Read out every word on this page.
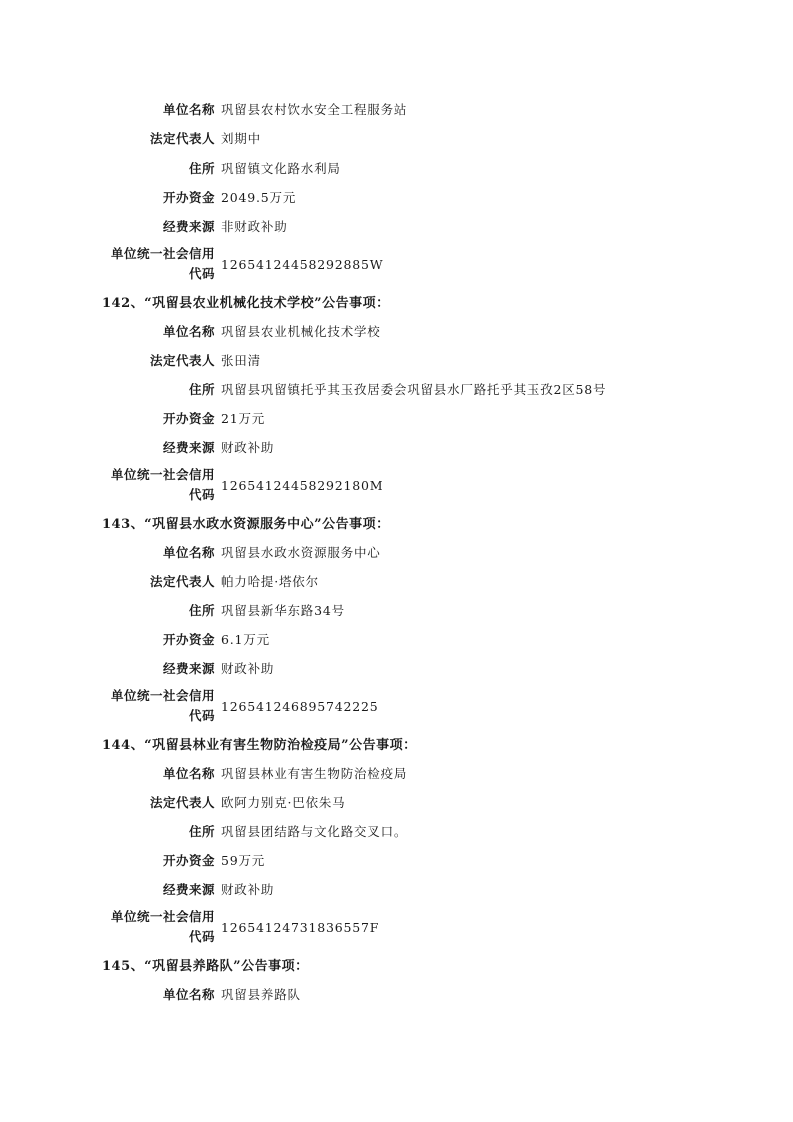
单位名称 巩留县农村饮水安全工程服务站
法定代表人 刘期中
住所 巩留镇文化路水利局
开办资金 2049.5万元
经费来源 非财政补助
单位统一社会信用
代码
12654124458292885W
142、“巩留县农业机械化技术学校”公告事项：
单位名称 巩留县农业机械化技术学校
法定代表人 张田清
住所 巩留县巩留镇托乎其玉孜居委会巩留县水厂路托乎其玉孜2区58号
开办资金 21万元
经费来源 财政补助
单位统一社会信用
代码
12654124458292180M
143、“巩留县水政水资源服务中心”公告事项：
单位名称 巩留县水政水资源服务中心
法定代表人 帕力哈提·塔依尔
住所 巩留县新华东路34号
开办资金 6.1万元
经费来源 财政补助
单位统一社会信用
代码
126541246895742225
144、“巩留县林业有害生物防治检疫局”公告事项：
单位名称 巩留县林业有害生物防治检疫局
法定代表人 欧阿力别克·巴依朱马
住所 巩留县团结路与文化路交叉口。
开办资金 59万元
经费来源 财政补助
单位统一社会信用
代码
12654124731836557F
145、“巩留县养路队”公告事项：
单位名称 巩留县养路队
